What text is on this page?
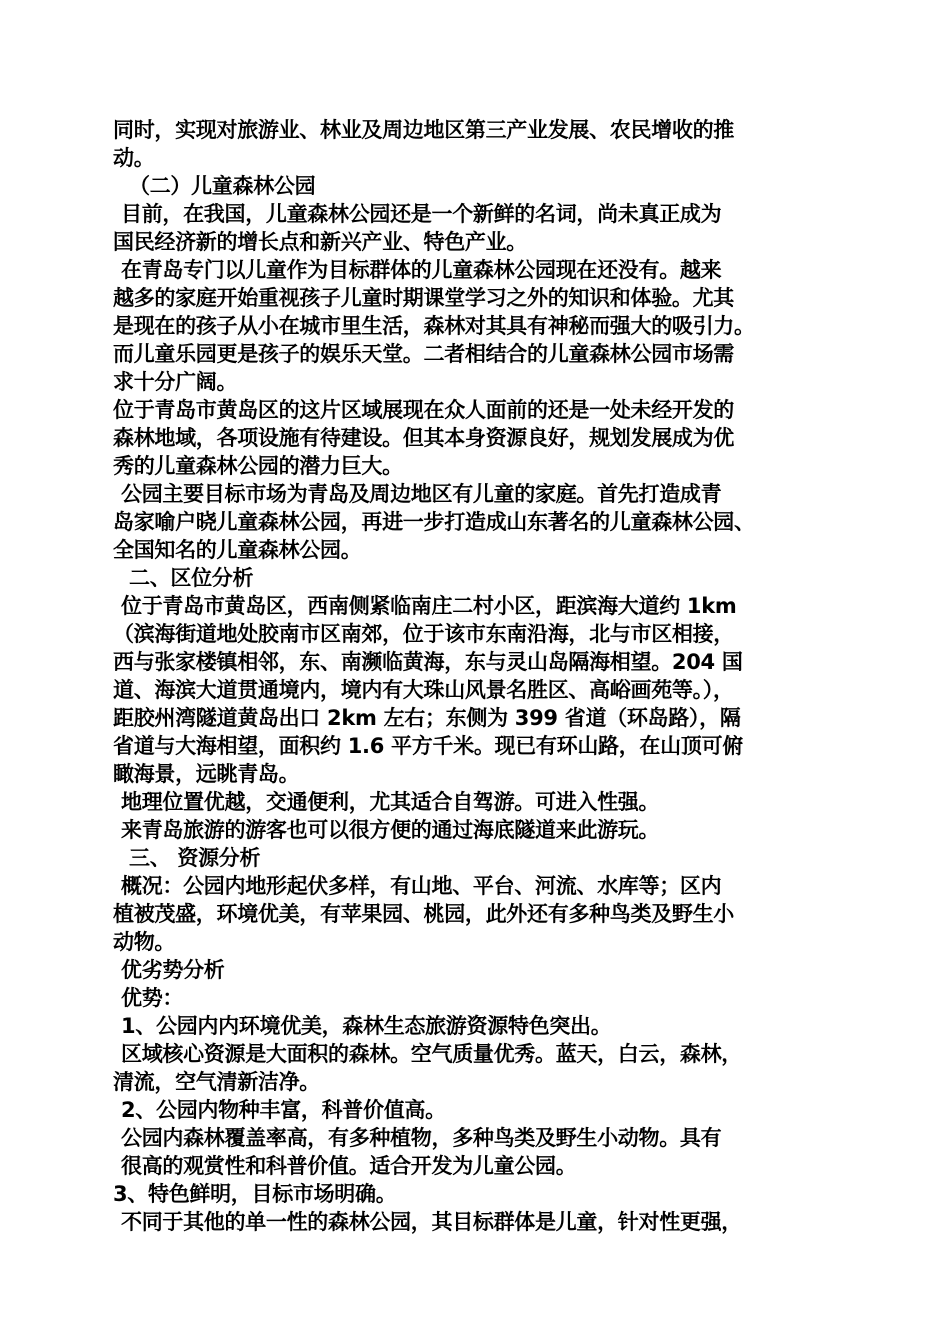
同时，实现对旅游业、林业及周边地区第三产业发展、农民增收的推
动。
（二）儿童森林公园
目前，在我国，儿童森林公园还是一个新鲜的名词，尚未真正成为
国民经济新的增长点和新兴产业、特色产业。
在青岛专门以儿童作为目标群体的儿童森林公园现在还没有。越来
越多的家庭开始重视孩子儿童时期课堂学习之外的知识和体验。尤其
是现在的孩子从小在城市里生活，森林对其具有神秘而强大的吸引力。
而儿童乐园更是孩子的娱乐天堂。二者相结合的儿童森林公园市场需
求十分广阔。
位于青岛市黄岛区的这片区域展现在众人面前的还是一处未经开发的
森林地域，各项设施有待建设。但其本身资源良好，规划发展成为优
秀的儿童森林公园的潜力巨大。
公园主要目标市场为青岛及周边地区有儿童的家庭。首先打造成青
岛家喻户晓儿童森林公园，再进一步打造成山东著名的儿童森林公园、
全国知名的儿童森林公园。
二、区位分析
位于青岛市黄岛区，西南侧紧临南庄二村小区，距滨海大道约 1km
（滨海街道地处胶南市区南郊，位于该市东南沿海，北与市区相接，
西与张家楼镇相邻，东、南濒临黄海，东与灵山岛隔海相望。204 国
道、海滨大道贯通境内，境内有大珠山风景名胜区、高峪画苑等。），
距胶州湾隧道黄岛出口 2km 左右；东侧为 399 省道（环岛路），隔
省道与大海相望，面积约 1.6 平方千米。现已有环山路，在山顶可俯
瞰海景，远眺青岛。
地理位置优越，交通便利，尤其适合自驾游。可进入性强。
来青岛旅游的游客也可以很方便的通过海底隧道来此游玩。
三、 资源分析
概况：公园内地形起伏多样，有山地、平台、河流、水库等；区内
植被茂盛，环境优美，有苹果园、桃园，此外还有多种鸟类及野生小
动物。
优劣势分析
优势：
1、公园内内环境优美，森林生态旅游资源特色突出。
区域核心资源是大面积的森林。空气质量优秀。蓝天，白云，森林，
清流，空气清新洁净。
2、公园内物种丰富，科普价值高。
公园内森林覆盖率高，有多种植物，多种鸟类及野生小动物。具有
很高的观赏性和科普价值。适合开发为儿童公园。
3、特色鲜明，目标市场明确。
不同于其他的单一性的森林公园，其目标群体是儿童，针对性更强，
